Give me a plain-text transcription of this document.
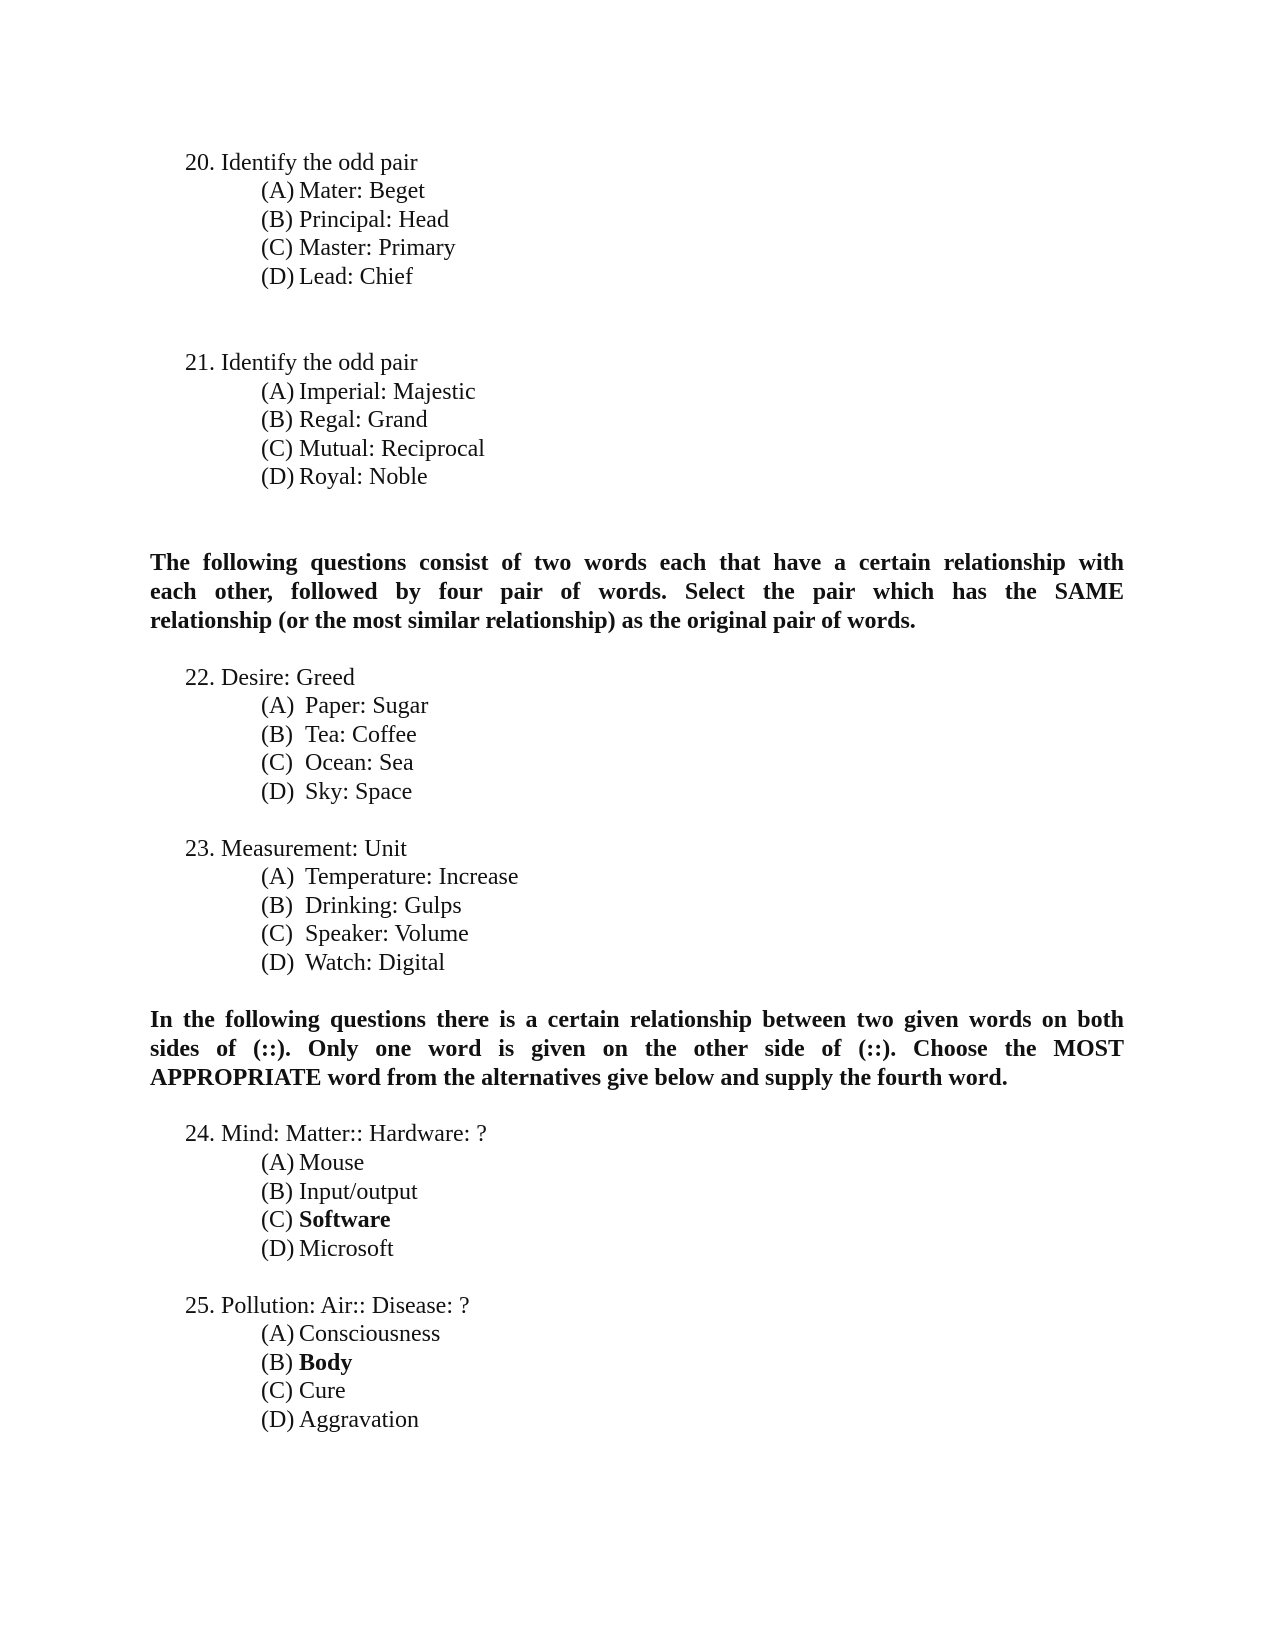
20. Identify the odd pair
(A) Mater: Beget
(B) Principal: Head
(C) Master: Primary
(D) Lead: Chief
21. Identify the odd pair
(A) Imperial: Majestic
(B) Regal: Grand
(C) Mutual: Reciprocal
(D) Royal: Noble
The following questions consist of two words each that have a certain relationship with
each other, followed by four pair of words. Select the pair which has the SAME
relationship (or the most similar relationship) as the original pair of words.
22. Desire: Greed
(A) Paper: Sugar
(B) Tea: Coffee
(C) Ocean: Sea
(D) Sky: Space
23. Measurement: Unit
(A) Temperature: Increase
(B) Drinking: Gulps
(C) Speaker: Volume
(D) Watch: Digital
In the following questions there is a certain relationship between two given words on both
sides of (::). Only one word is given on the other side of (::). Choose the MOST
APPROPRIATE word from the alternatives give below and supply the fourth word.
24. Mind: Matter:: Hardware: ?
(A) Mouse
(B) Input/output
(C) Software
(D) Microsoft
25. Pollution: Air:: Disease: ?
(A) Consciousness
(B) Body
(C) Cure
(D) Aggravation
